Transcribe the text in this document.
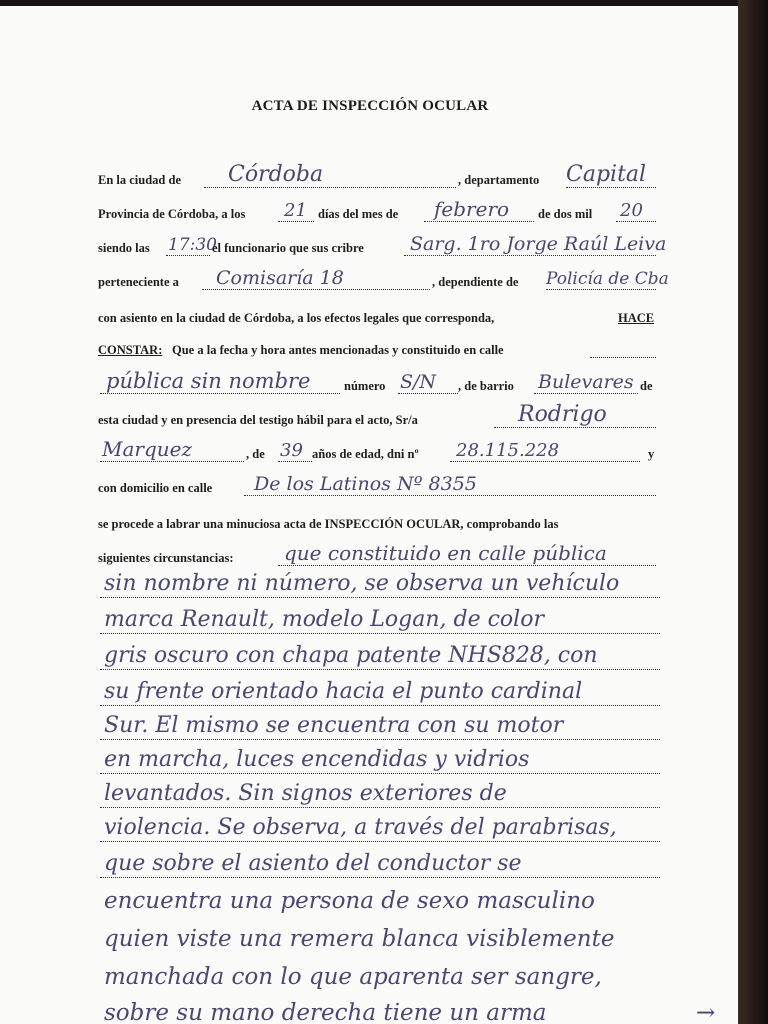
ACTA DE INSPECCIÓN OCULAR
En la ciudad de Córdoba	, departamento Capital
Provincia de Córdoba, a los 21 días del mes de febrero de dos mil 20
siendo las 17:30
el funcionario que sus cribre Sarg. 1ro Jorge Raúl Leiva
perteneciente a Comisaría 18	, dependiente de Policía de Cba
con asiento en la ciudad de Córdoba, a los efectos legales que corresponda,	HACE
CONSTAR: Que a la fecha y hora antes mencionadas y constituido en calle
pública sin nombre	número S/N , de barrio Bulevares de
esta ciudad y en presencia del testigo hábil para el acto, Sr/a	Rodrigo
Marquez	, de 39 años de edad, dni nº 28.115.228	y
con domicilio en calle De los Latinos Nº 8355
se procede a labrar una minuciosa acta de INSPECCIÓN OCULAR, comprobando las
siguientes circunstancias:	que constituido en calle pública
sin nombre ni número, se observa un vehículo
marca Renault, modelo Logan, de color
gris oscuro con chapa patente NHS828, con
su frente orientado hacia el punto cardinal
Sur. El mismo se encuentra con su motor
en marcha, luces encendidas y vidrios
levantados. Sin signos exteriores de
violencia. Se observa, a través del parabrisas,
que sobre el asiento del conductor se
encuentra una persona de sexo masculino
quien viste una remera blanca visiblemente
manchada con lo que aparenta ser sangre,
sobre su mano derecha tiene un arma	→
